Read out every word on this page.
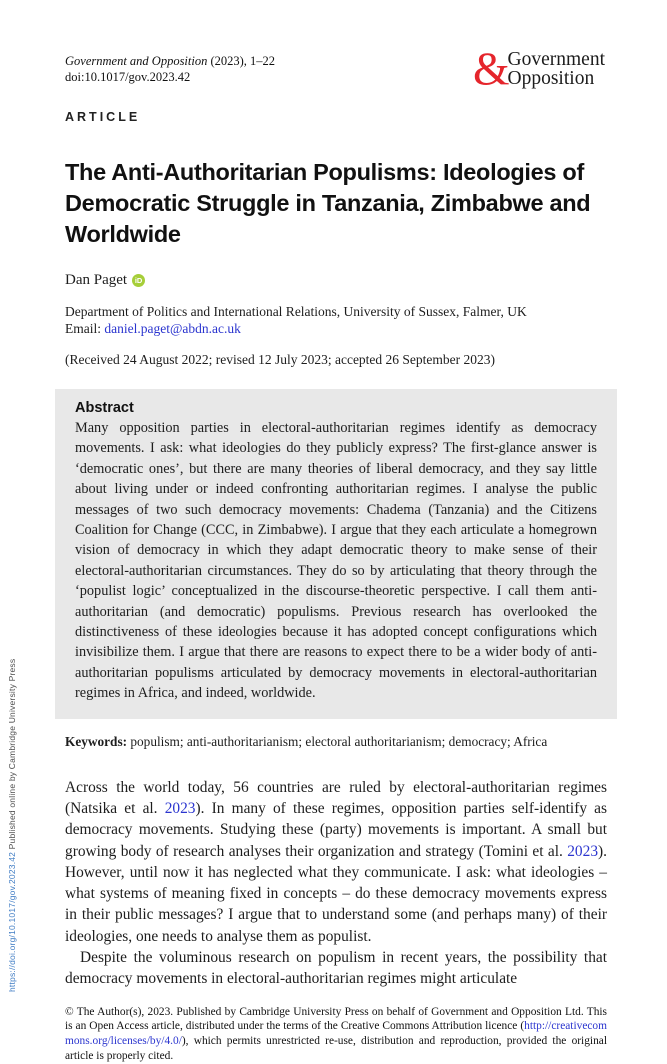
https://doi.org/10.1017/gov.2023.42 Published online by Cambridge University Press
Government and Opposition (2023), 1–22
doi:10.1017/gov.2023.42	&
Government
Opposition
ARTICLE
The Anti-Authoritarian Populisms: Ideologies of Democratic Struggle in Tanzania, Zimbabwe and Worldwide
Dan Paget	iD
Department of Politics and International Relations, University of Sussex, Falmer, UK
Email: daniel.paget@abdn.ac.uk
(Received 24 August 2022; revised 12 July 2023; accepted 26 September 2023)
Abstract
Many opposition parties in electoral-authoritarian regimes identify as democracy movements. I ask: what ideologies do they publicly express? The first-glance answer is ‘democratic ones’, but there are many theories of liberal democracy, and they say little about living under or indeed confronting authoritarian regimes. I analyse the public messages of two such democracy movements: Chadema (Tanzania) and the Citizens Coalition for Change (CCC, in Zimbabwe). I argue that they each articulate a homegrown vision of democracy in which they adapt democratic theory to make sense of their electoral-authoritarian circumstances. They do so by articulating that theory through the ‘populist logic’ conceptualized in the discourse-theoretic perspective. I call them anti-authoritarian (and democratic) populisms. Previous research has overlooked the distinctiveness of these ideologies because it has adopted concept configurations which invisibilize them. I argue that there are reasons to expect there to be a wider body of anti-authoritarian populisms articulated by democracy movements in electoral-authoritarian regimes in Africa, and indeed, worldwide.
Keywords: populism; anti-authoritarianism; electoral authoritarianism; democracy; Africa

Across the world today, 56 countries are ruled by electoral-authoritarian regimes (Natsika et al. 2023). In many of these regimes, opposition parties self-identify as democracy movements. Studying these (party) movements is important. A small but growing body of research analyses their organization and strategy (Tomini et al. 2023). However, until now it has neglected what they communicate. I ask: what ideologies – what systems of meaning fixed in concepts – do these democracy movements express in their public messages? I argue that to understand some (and perhaps many) of their ideologies, one needs to analyse them as populist.

Despite the voluminous research on populism in recent years, the possibility that democracy movements in electoral-authoritarian regimes might articulate

© The Author(s), 2023. Published by Cambridge University Press on behalf of Government and Opposition Ltd. This is an Open Access article, distributed under the terms of the Creative Commons Attribution licence (http://creativecommons.org/licenses/by/4.0/), which permits unrestricted re-use, distribution and reproduction, provided the original article is properly cited.
